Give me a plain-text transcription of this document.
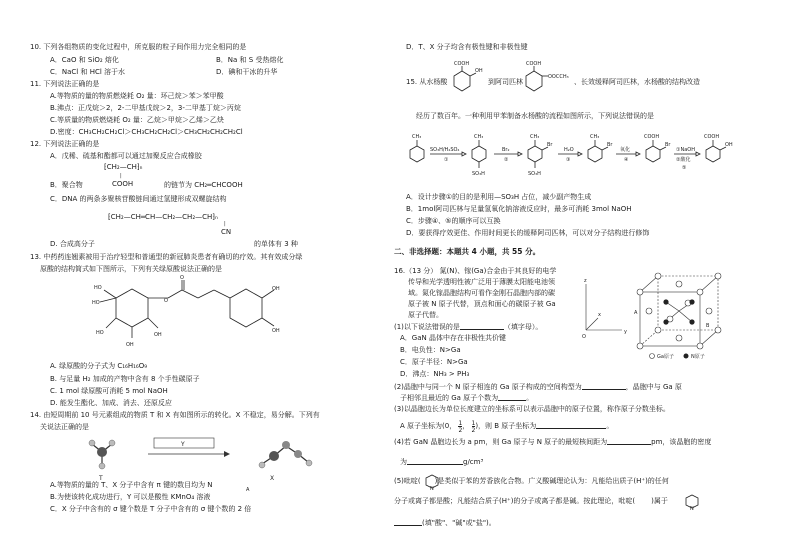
10. 下列各组物质的变化过程中，所克服的粒子间作用力完全相同的是
A．CaO 和 SiO₂ 熔化	B．Na 和 S 受热熔化
C．NaCl 和 HCl 溶于水	D．碘和干冰的升华
11. 下列说法正确的是
A.等物质的量的物质燃烧耗 O₂ 量：环己烷＞苯＞苯甲酸
B.沸点：正戊烷＞2，2-二甲基戊烷＞2，3-二甲基丁烷＞丙烷
C.等质量的物质燃烧耗 O₂ 量：乙烷＞甲烷＞乙烯＞乙炔
D.密度：CH₃CH₂CH₂Cl＞CH₃CH₂CH₂Cl＞CH₃CH₂CH₂CH₂Cl
12. 下列说法正确的是
A．戊稀、硫基和酯都可以通过加聚反应合成橡胶
⁅CH₂—CH⁆ₙ
|
B．聚合物	COOH	的链节为 CH₂═CHCOOH
C．DNA 的两条多聚核苷酸链间通过氢键形成双螺旋结构
⁅CH₂—CH═CH—CH₂—CH₂—CH⁆ₙ
|
CN
D. 合成高分子	的单体有 3 种
13. 中药药连翘素被用于治疗轻型和普通型的新冠肺炎患者有确切的疗效。其有效成分绿
原酸的结构简式如下图所示，下列有关绿原酸说法正确的是
HO
HO
HO
OH
OH
O
O
OH
OH
A. 绿原酸的分子式为 C₁₆H₁₆O₉
B. 与足量 H₂ 加成的产物中含有 8 个手性碳原子
C. 1 mol 绿原酸可消耗 5 mol NaOH
D. 能发生酯化、加成、消去、还原反应
14. 由短周期前 10 号元素组成的物质 T 和 X 有如图所示的转化。X 不稳定，易分解。下列有
关说法正确的是
T
Y
X
A.等物质的量的 T、X 分子中含有 π 键的数目均为 N
A
B.为使该转化成功进行，Y 可以是酸性 KMnO₄ 溶液
C．X 分子中含有的 σ 键个数是 T 分子中含有的 σ 键个数的 2 倍
D．T、X 分子均含有极性键和非极性键
COOH
OH
COOH
OOCCH₃
15. 从水杨酸	到阿司匹林	、长效缓释阿司匹林，水杨酸的结构改造
经历了数百年。一种利用甲苯制备水杨酸的流程如图所示，下列说法错误的是
CH₃
SO₃H/H₂SO₄
①
CH₃
SO₃H
Br₂
②
CH₃
Br
SO₃H
H₂O
③
CH₃
Br
氧化
④
COOH
Br
①NaOH
②酸化
⑤
COOH
OH
A．设计步骤①的目的是利用—SO₃H 占位，减少副产物生成
B．1mol阿司匹林与足量氢氧化钠溶液反应时，最多可消耗 3mol NaOH
C．步骤④、⑤的顺序可以互换
D．要获得疗效更佳、作用时间更长的缓释阿司匹林，可以对分子结构进行修饰
二、非选择题：本题共 4 小题，共 55 分。
16.（13 分） 氮(N)、镓(Ga)合金由于其良好的电学
传导和光学透明性被广泛用于薄膜太阳能电池领
域。氮化镓晶胞结构可看作金刚石晶胞内部的碳
原子被 N 原子代替，顶点和面心的碳原子被 Ga
原子代替。
O
y
x
z
A
B
Ga原子	N原子
(1)以下说法错误的是	（填字母）。
A．GaN 晶体中存在非极性共价键
B．电负性：N>Ga
C．原子半径：N>Ga
D．沸点：NH₃ > PH₃
(2)晶胞中与同一个 N 原子相连的 Ga 原子构成的空间构型为	，晶胞中与 Ga 原
子相邻且最近的 Ga 原子个数为	。
(3)以晶胞边长为单位长度建立的坐标系可以表示晶胞中的原子位置，称作原子分数坐标。
A 原子坐标为(0， $\frac{1}{2}$， $\frac{1}{2}$)，则 B 原子坐标为	。
(4)若 GaN 晶胞边长为 a pm，则 Ga 原子与 N 原子的最短核间距为	pm，该晶胞的密度
为	g/cm³
N
(5)吡啶( )是类似于苯的芳香族化合物。广义酸碱理论认为：凡能给出质子(H⁺)的任何
N
分子或离子都是酸；凡能结合质子(H⁺)的分子或离子都是碱。按此理论，吡啶( )属于
(填"酸"、"碱"或"盐")。
